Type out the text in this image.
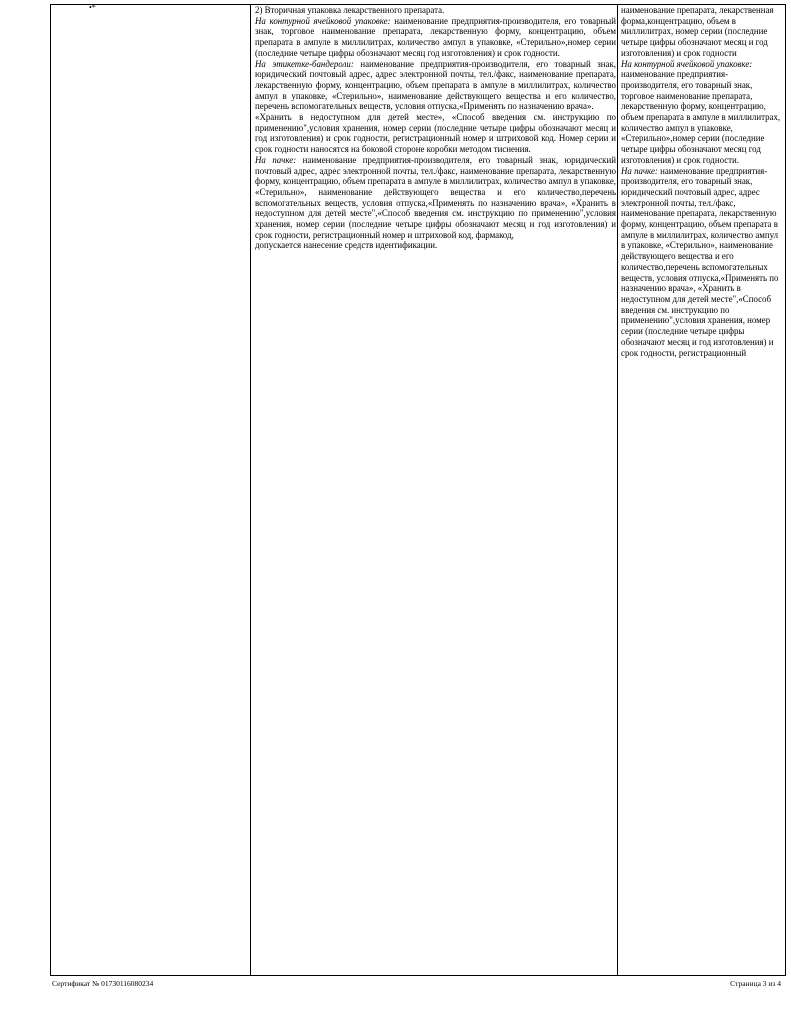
2) Вторичная упаковка лекарственного препарата.

На контурной ячейковой упаковке: наименование предприятия-производителя, его товарный знак, торговое наименование препарата, лекарственную форму, концентрацию, объем препарата в ампуле в миллилитрах, количество ампул в упаковке, «Стерильно»,номер серии (последние четыре цифры обозначают месяц год изготовления) и срок годности.

На этикетке-бандероли: наименование предприятия-производителя, его товарный знак, юридический почтовый адрес, адрес электронной почты, тел./факс, наименование препарата, лекарственную форму, концентрацию, объем препарата в ампуле в миллилитрах, количество ампул в упаковке, «Стерильно», наименование действующего вещества и его количество, перечень вспомогательных веществ, условия отпуска,«Применять по назначению врача».

«Хранить в недоступном для детей месте», «Способ введения см. инструкцию по применению",условия хранения, номер серии (последние четыре цифры обозначают месяц и год изготовления) и срок годности, регистрационный номер и штриховой код. Номер серии и срок годности наносятся на боковой стороне коробки методом тиснения.

На пачке: наименование предприятия-производителя, его товарный знак, юридический почтовый адрес, адрес электронной почты, тел./факс, наименование препарата, лекарственную форму, концентрацию, объем препарата в ампуле в миллилитрах, количество ампул в упаковке, «Стерильно», наименование действующего вещества и его количество,перечень вспомогательных веществ, условия отпуска,«Применять по назначению врача», «Хранить в недоступном для детей месте",«Способ введения см. инструкцию по применению",условия хранения, номер серии (последние четыре цифры обозначают месяц и год изготовления) и срок годности, регистрационный номер и штриховой код, фармакод,

допускается нанесение средств идентификации.

наименование препарата, лекарственная форма,концентрацию, объем в миллилитрах, номер серии (последние четыре цифры обозначают месяц и год изготовления) и срок годности

На контурной ячейковой упаковке: наименование предприятия-производителя, его товарный знак, торговое наименование препарата, лекарственную форму, концентрацию, объем препарата в ампуле в миллилитрах, количество ампул в упаковке, «Стерильно»,номер серии (последние четыре цифры обозначают месяц год изготовления) и срок годности.

На пачке: наименование предприятия-производителя, его товарный знак, юридический почтовый адрес, адрес электронной почты, тел./факс, наименование препарата, лекарственную форму, концентрацию, объем препарата в ампуле в миллилитрах, количество ампул в упаковке, «Стерильно», наименование действующего вещества и его количество,перечень вспомогательных веществ, условия отпуска,«Применять по назначению врача», «Хранить в недоступном для детей месте",«Способ введения см. инструкцию по применению",условия хранения, номер серии (последние четыре цифры обозначают месяц и год изготовления) и срок годности, регистрационный

•*
Сертификат № 01730116080234	Страница 3 из 4
